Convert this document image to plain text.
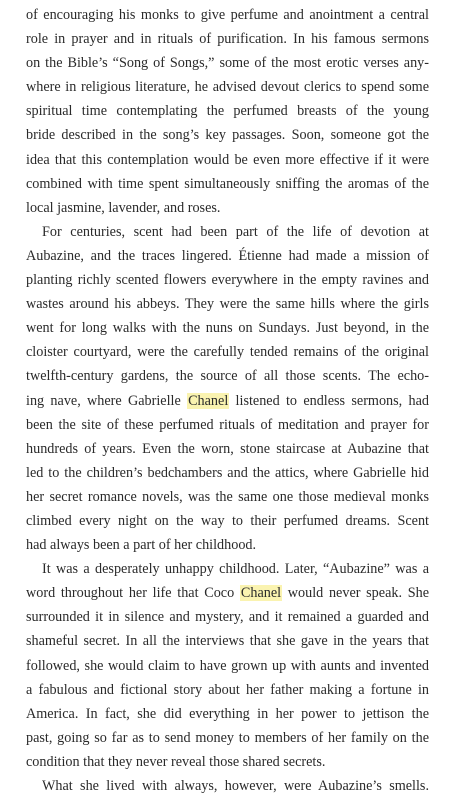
of encouraging his monks to give perfume and anointment a central
role in prayer and in rituals of purification. In his famous sermons
on the Bible’s “Song of Songs,” some of the most erotic verses any-
where in religious literature, he advised devout clerics to spend some
spiritual time contemplating the perfumed breasts of the young
bride described in the song’s key passages. Soon, someone got the
idea that this contemplation would be even more effective if it were
combined with time spent simultaneously sniffing the aromas of the
local jasmine, lavender, and roses.
For centuries, scent had been part of the life of devotion at
Aubazine, and the traces lingered. Étienne had made a mission of
planting richly scented flowers everywhere in the empty ravines and
wastes around his abbeys. They were the same hills where the girls
went for long walks with the nuns on Sundays. Just beyond, in the
cloister courtyard, were the carefully tended remains of the original
twelfth-century gardens, the source of all those scents. The echo-
ing nave, where Gabrielle Chanel listened to endless sermons, had
been the site of these perfumed rituals of meditation and prayer for
hundreds of years. Even the worn, stone staircase at Aubazine that
led to the children’s bedchambers and the attics, where Gabrielle hid
her secret romance novels, was the same one those medieval monks
climbed every night on the way to their perfumed dreams. Scent
had always been a part of her childhood.
It was a desperately unhappy childhood. Later, “Aubazine” was a
word throughout her life that Coco Chanel would never speak. She
surrounded it in silence and mystery, and it remained a guarded and
shameful secret. In all the interviews that she gave in the years that
followed, she would claim to have grown up with aunts and invented
a fabulous and fictional story about her father making a fortune in
America. In fact, she did everything in her power to jettison the
past, going so far as to send money to members of her family on the
condition that they never reveal those shared secrets.
What she lived with always, however, were Aubazine’s smells.
